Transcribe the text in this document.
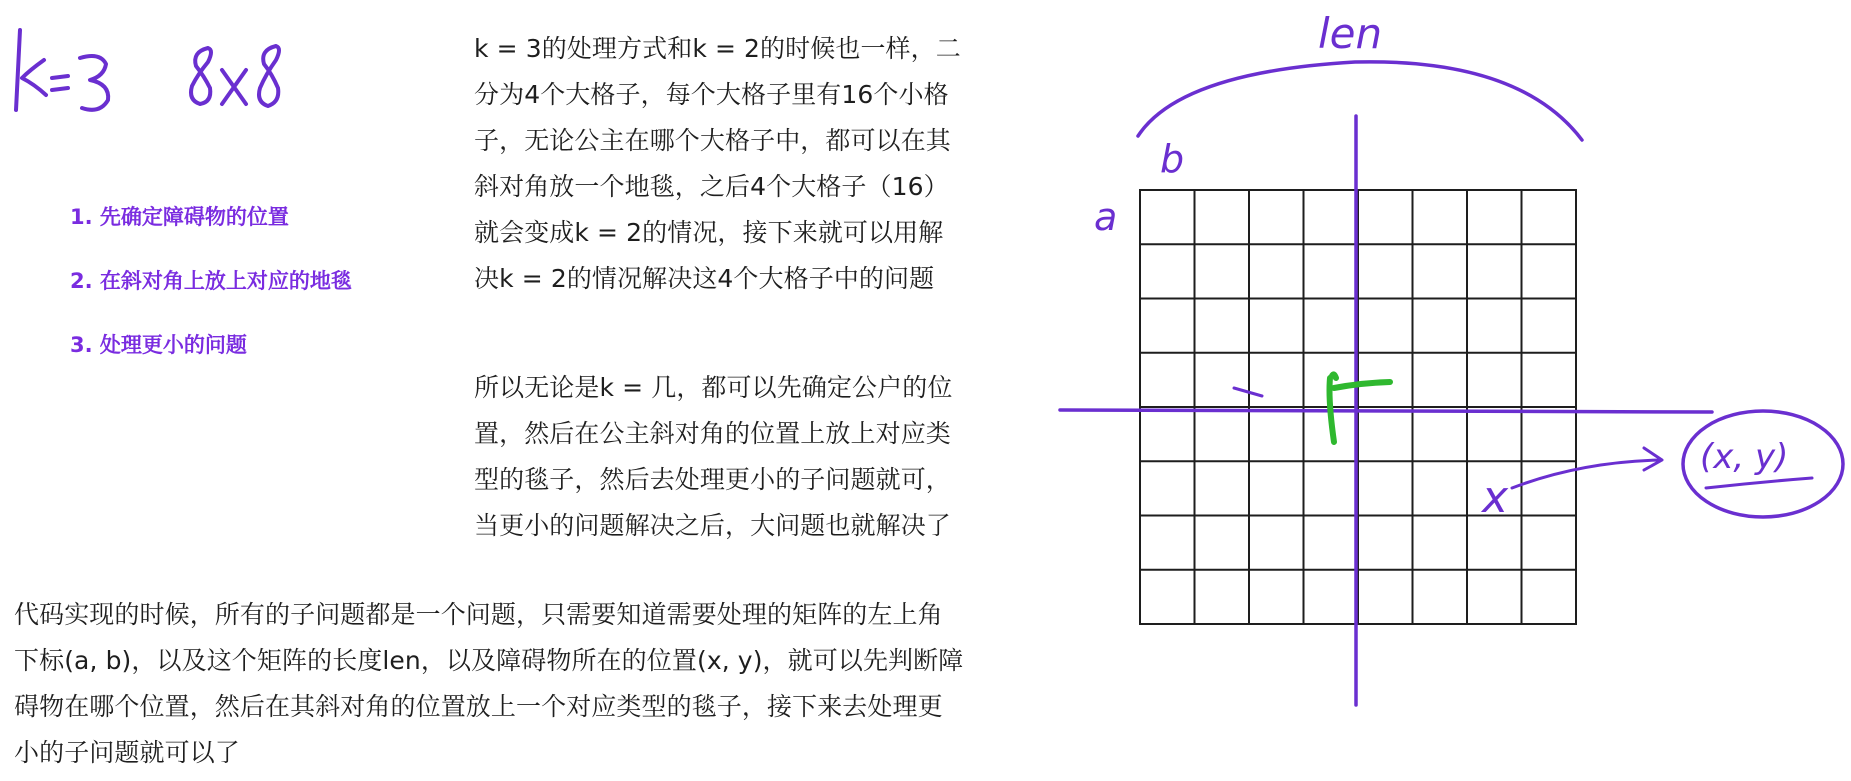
1. 先确定障碍物的位置
2. 在斜对角上放上对应的地毯
3. 处理更小的问题
k = 3的处理方式和k = 2的时候也一样，二
分为4个大格子，每个大格子里有16个小格
子，无论公主在哪个大格子中，都可以在其
斜对角放一个地毯，之后4个大格子（16）
就会变成k = 2的情况，接下来就可以用解
决k = 2的情况解决这4个大格子中的问题
所以无论是k = 几，都可以先确定公户的位
置，然后在公主斜对角的位置上放上对应类
型的毯子，然后去处理更小的子问题就可，
当更小的问题解决之后，大问题也就解决了
代码实现的时候，所有的子问题都是一个问题，只需要知道需要处理的矩阵的左上角
下标(a, b)，以及这个矩阵的长度len，以及障碍物所在的位置(x, y)，就可以先判断障
碍物在哪个位置，然后在其斜对角的位置放上一个对应类型的毯子，接下来去处理更
小的子问题就可以了
len
b
a
x
(x, y)
